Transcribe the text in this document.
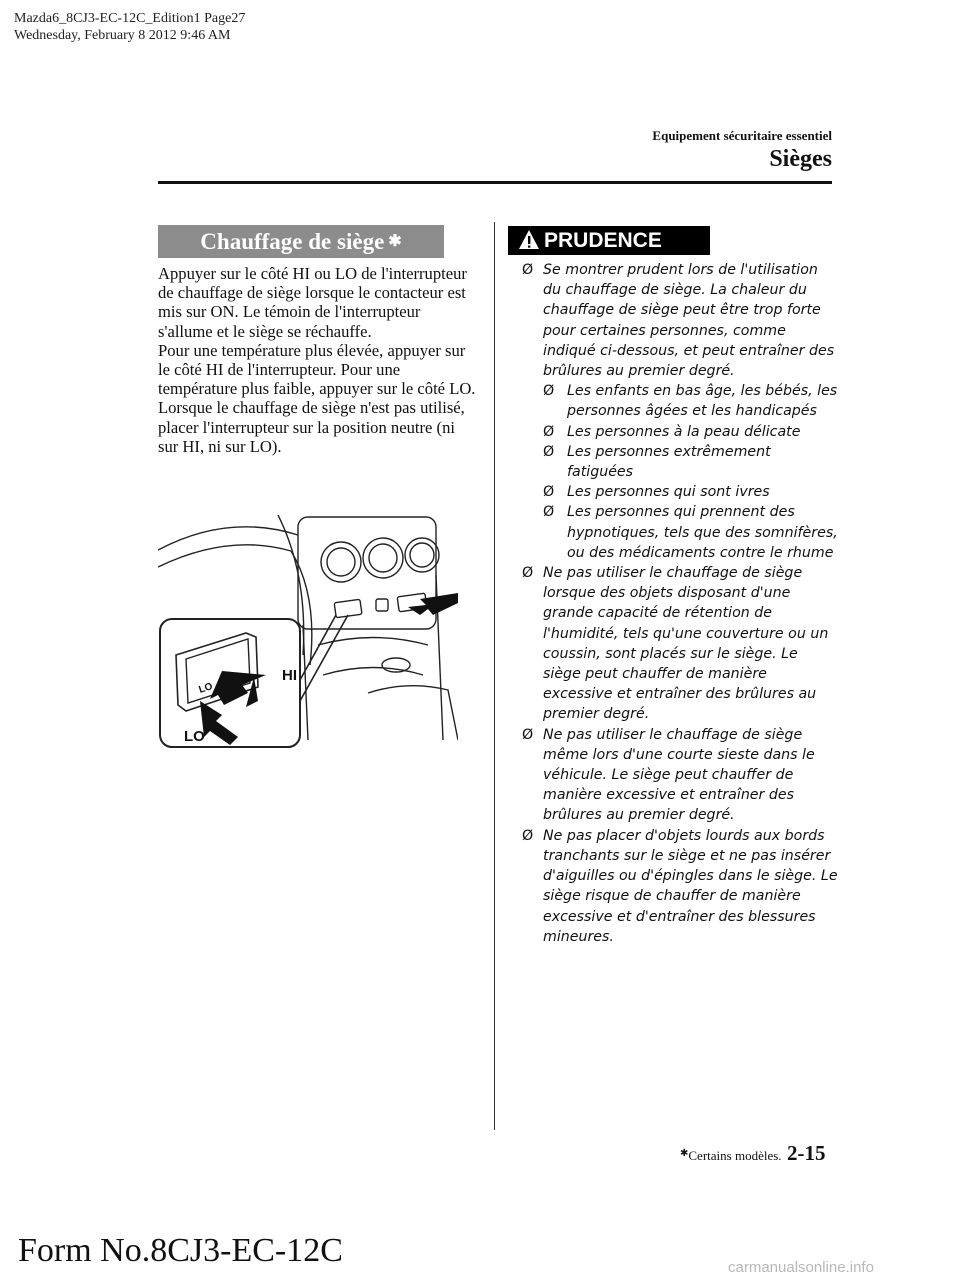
Mazda6_8CJ3-EC-12C_Edition1 Page27
Wednesday, February 8 2012 9:46 AM
Equipement sécuritaire essentiel
Sièges
Chauffage de siège ✱

Appuyer sur le côté HI ou LO de l'interrupteur de chauffage de siège lorsque le contacteur est mis sur ON. Le témoin de l'interrupteur s'allume et le siège se réchauffe.

Pour une température plus élevée, appuyer sur le côté HI de l'interrupteur. Pour une température plus faible, appuyer sur le côté LO.

Lorsque le chauffage de siège n'est pas utilisé, placer l'interrupteur sur la position neutre (ni sur HI, ni sur LO).

LO
HI
LO
PRUDENCE
Ø Se montrer prudent lors de l'utilisation du chauffage de siège. La chaleur du chauffage de siège peut être trop forte pour certaines personnes, comme indiqué ci-dessous, et peut entraîner des brûlures au premier degré.
Ø Les enfants en bas âge, les bébés, les personnes âgées et les handicapés
Ø Les personnes à la peau délicate
Ø Les personnes extrêmement fatiguées
Ø Les personnes qui sont ivres
Ø Les personnes qui prennent des hypnotiques, tels que des somnifères, ou des médicaments contre le rhume
Ø Ne pas utiliser le chauffage de siège lorsque des objets disposant d'une grande capacité de rétention de l'humidité, tels qu'une couverture ou un coussin, sont placés sur le siège. Le siège peut chauffer de manière excessive et entraîner des brûlures au premier degré.
Ø Ne pas utiliser le chauffage de siège même lors d'une courte sieste dans le véhicule. Le siège peut chauffer de manière excessive et entraîner des brûlures au premier degré.
Ø Ne pas placer d'objets lourds aux bords tranchants sur le siège et ne pas insérer d'aiguilles ou d'épingles dans le siège. Le siège risque de chauffer de manière excessive et d'entraîner des blessures mineures.
✱Certains modèles. 2-15
Form No.8CJ3-EC-12C	carmanualsonline.info
